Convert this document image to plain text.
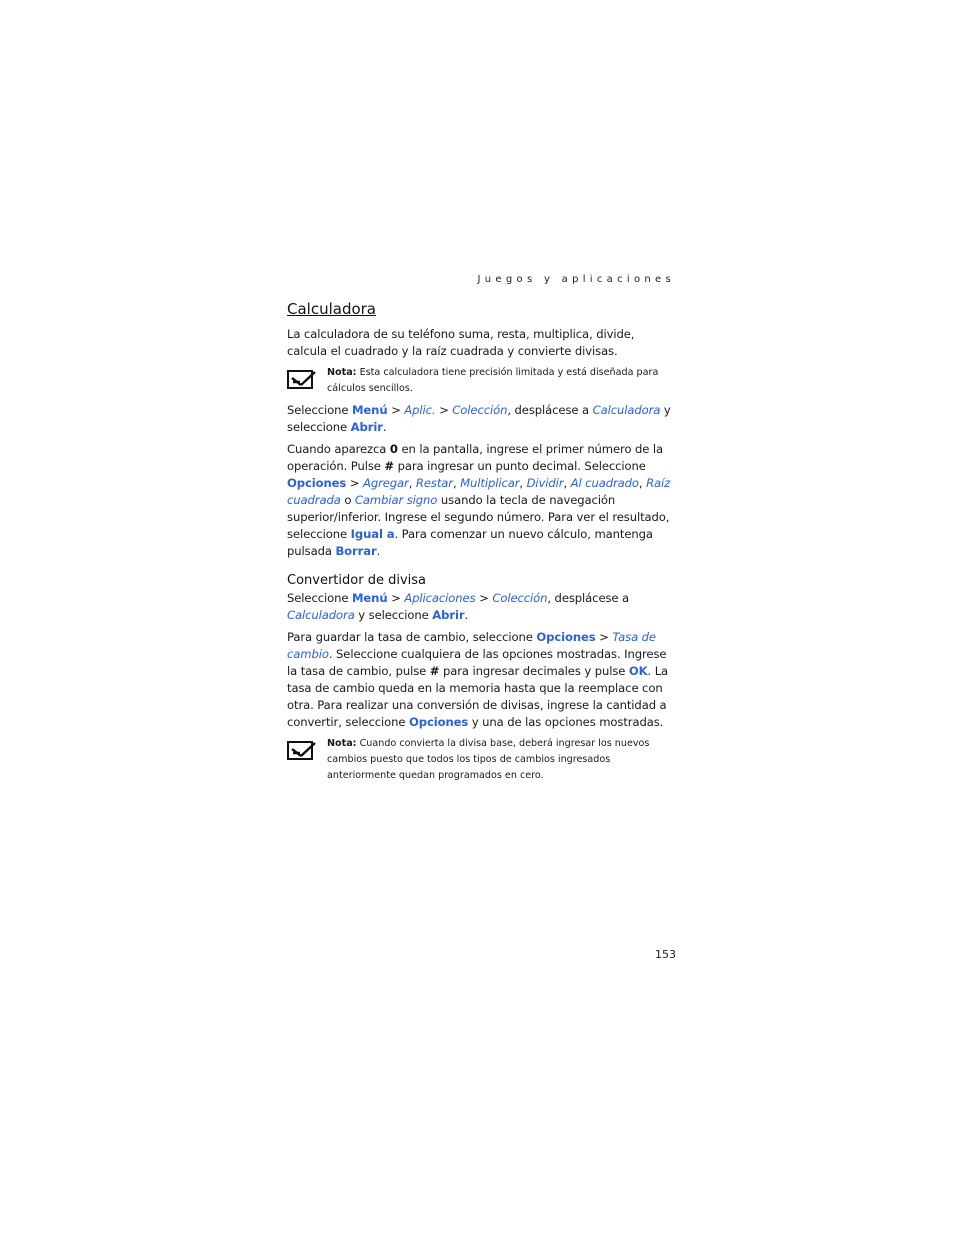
Juegos y aplicaciones
Calculadora

La calculadora de su teléfono suma, resta, multiplica, divide, calcula el cuadrado y la raíz cuadrada y convierte divisas.

Nota: Esta calculadora tiene precisión limitada y está diseñada para cálculos sencillos.

Seleccione Menú > Aplic. > Colección, desplácese a Calculadora y seleccione Abrir.

Cuando aparezca 0 en la pantalla, ingrese el primer número de la operación. Pulse # para ingresar un punto decimal. Seleccione Opciones > Agregar, Restar, Multiplicar, Dividir, Al cuadrado, Raíz cuadrada o Cambiar signo usando la tecla de navegación superior/inferior. Ingrese el segundo número. Para ver el resultado, seleccione Igual a. Para comenzar un nuevo cálculo, mantenga pulsada Borrar.

Convertidor de divisa

Seleccione Menú > Aplicaciones > Colección, desplácese a Calculadora y seleccione Abrir.

Para guardar la tasa de cambio, seleccione Opciones > Tasa de cambio. Seleccione cualquiera de las opciones mostradas. Ingrese la tasa de cambio, pulse # para ingresar decimales y pulse OK. La tasa de cambio queda en la memoria hasta que la reemplace con otra. Para realizar una conversión de divisas, ingrese la cantidad a convertir, seleccione Opciones y una de las opciones mostradas.

Nota: Cuando convierta la divisa base, deberá ingresar los nuevos cambios puesto que todos los tipos de cambios ingresados anteriormente quedan programados en cero.
153
